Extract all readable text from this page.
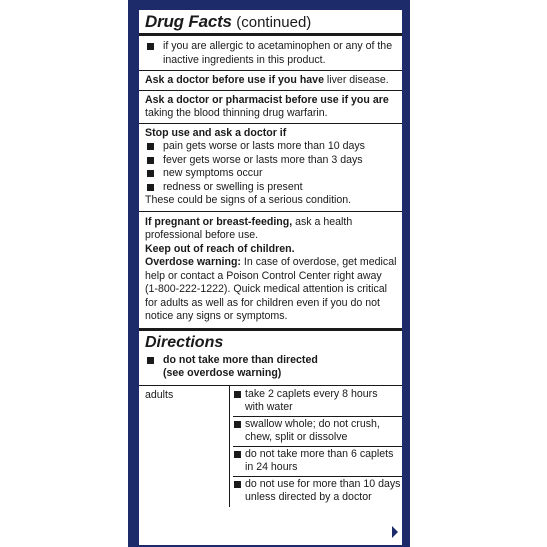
Drug Facts (continued)
if you are allergic to acetaminophen or any of the
inactive ingredients in this product.

Ask a doctor before use if you have liver disease.

Ask a doctor or pharmacist before use if you are

taking the blood thinning drug warfarin.

Stop use and ask a doctor if

pain gets worse or lasts more than 10 days
fever gets worse or lasts more than 3 days
new symptoms occur
redness or swelling is present

These could be signs of a serious condition.

If pregnant or breast-feeding, ask a health

professional before use.

Keep out of reach of children.

Overdose warning: In case of overdose, get medical

help or contact a Poison Control Center right away

(1-800-222-1222). Quick medical attention is critical

for adults as well as for children even if you do not

notice any signs or symptoms.

Directions
do not take more than directed
(see overdose warning)
adults	take 2 caplets every 8 hours
with water
swallow whole; do not crush,
chew, split or dissolve
do not take more than 6 caplets
in 24 hours
do not use for more than 10 days
unless directed by a doctor
